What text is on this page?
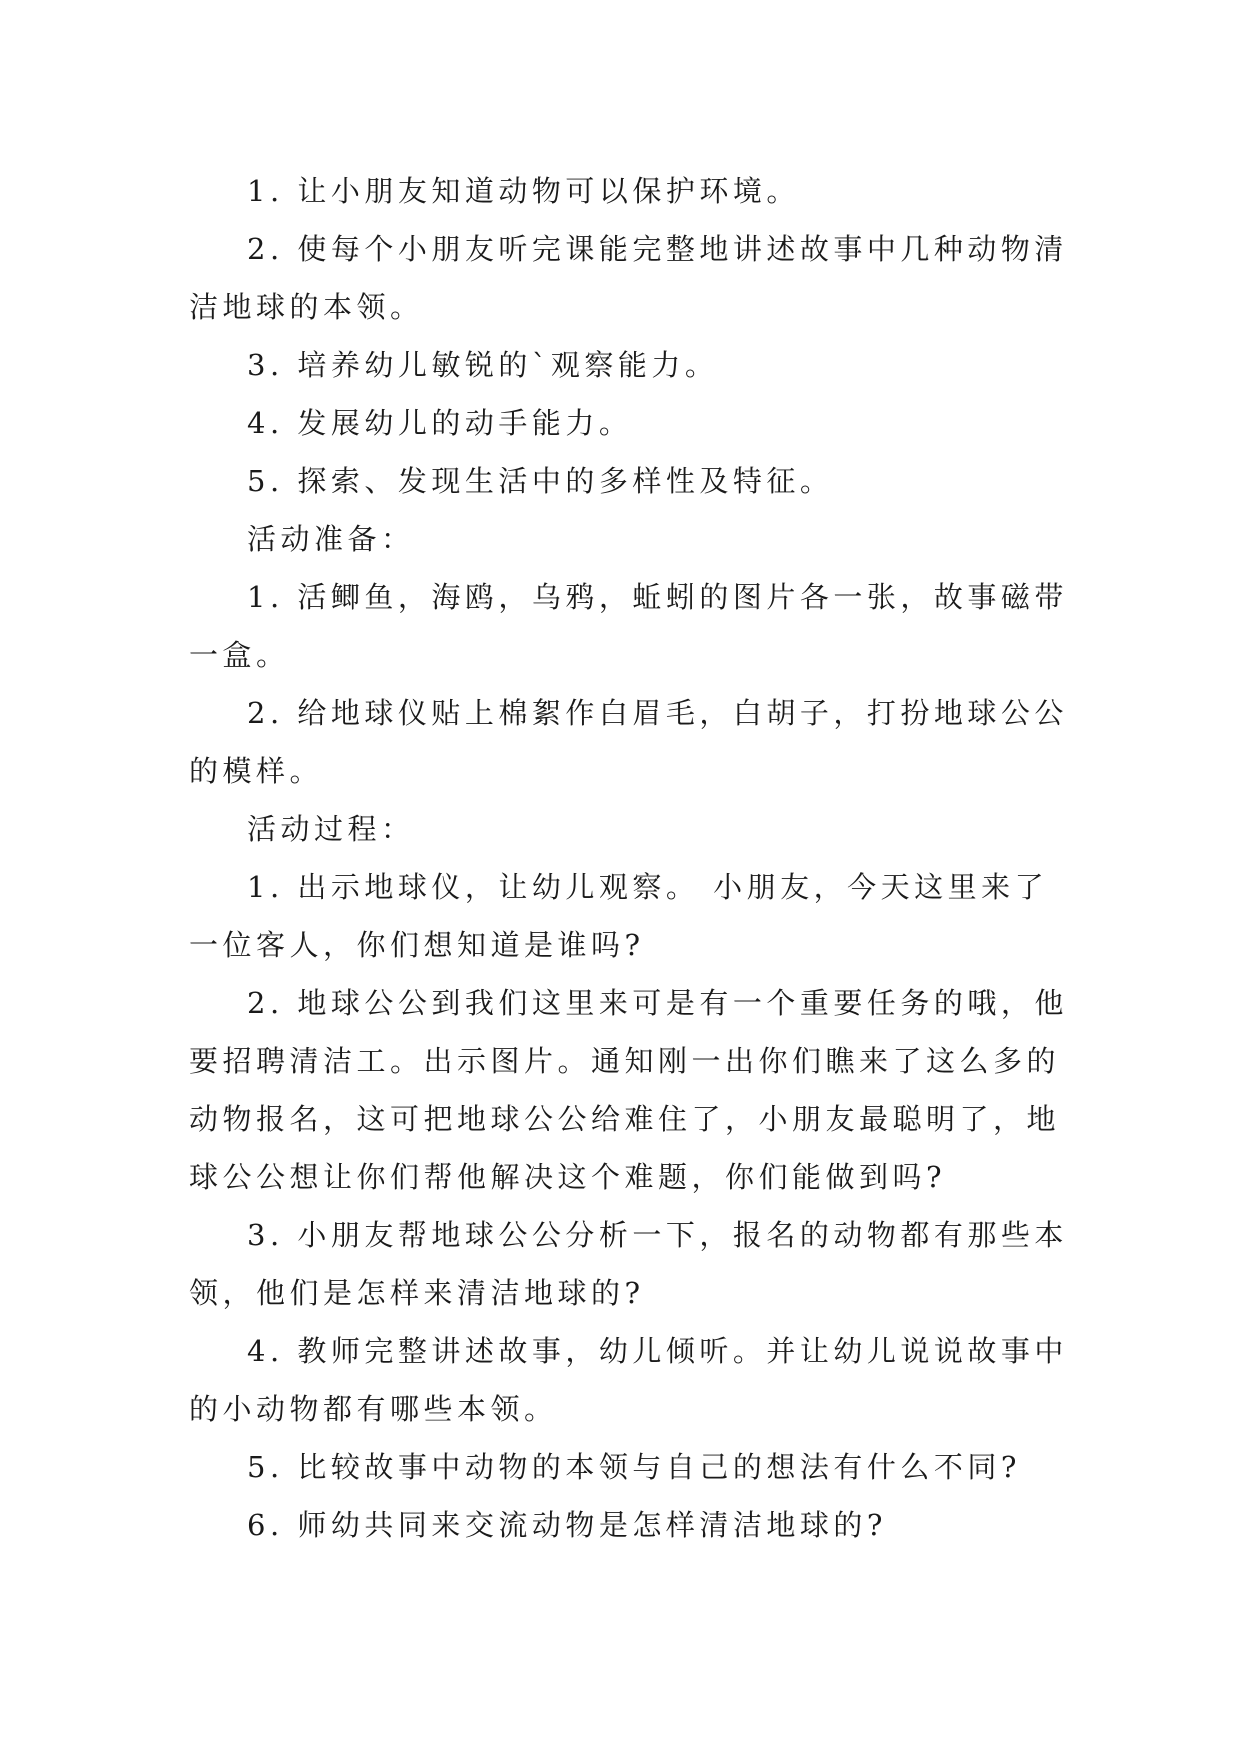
1. 让小朋友知道动物可以保护环境。

2. 使每个小朋友听完课能完整地讲述故事中几种动物清洁地球的本领。

3. 培养幼儿敏锐的`观察能力。

4. 发展幼儿的动手能力。

5. 探索、发现生活中的多样性及特征。

活动准备：

1. 活鲫鱼，海鸥，乌鸦，蚯蚓的图片各一张，故事磁带一盒。

2. 给地球仪贴上棉絮作白眉毛，白胡子，打扮地球公公的模样。

活动过程：

1. 出示地球仪，让幼儿观察。 小朋友，今天这里来了一位客人，你们想知道是谁吗?

2. 地球公公到我们这里来可是有一个重要任务的哦，他要招聘清洁工。出示图片。通知刚一出你们瞧来了这么多的动物报名，这可把地球公公给难住了，小朋友最聪明了，地球公公想让你们帮他解决这个难题，你们能做到吗?

3. 小朋友帮地球公公分析一下，报名的动物都有那些本领，他们是怎样来清洁地球的?

4. 教师完整讲述故事，幼儿倾听。并让幼儿说说故事中的小动物都有哪些本领。

5. 比较故事中动物的本领与自己的想法有什么不同?

6. 师幼共同来交流动物是怎样清洁地球的?
